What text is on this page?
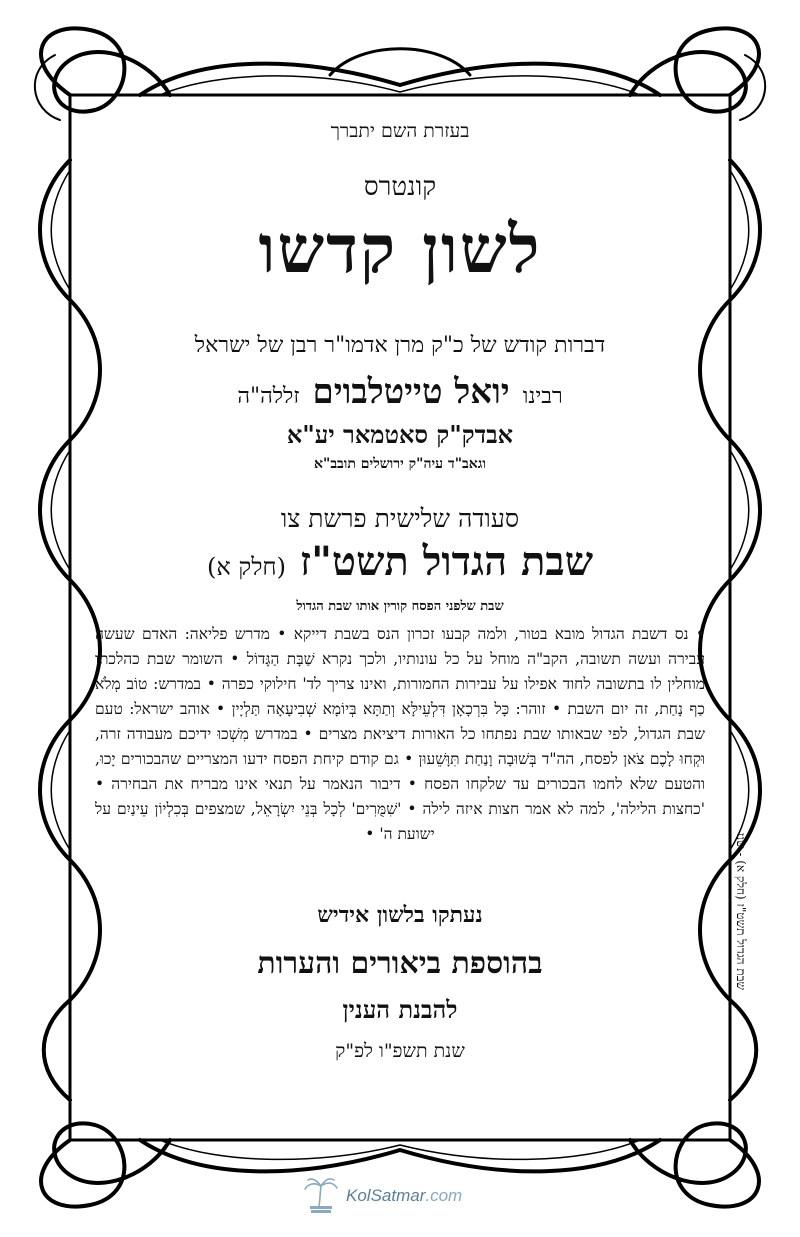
בעזרת השם יתברך
קונטרס
לשון קדשו
דברות קודש של כ"ק מרן אדמו"ר רבן של ישראל
רבינו יואל טייטלבוים זללה"ה
אבדק"ק סאטמאר יע"א
וגאב"ד עיה"ק ירושלים תובב"א
סעודה שלישית פרשת צו
שבת הגדול תשט"ז (חלק א)
שבת שלפני הפסח קורין אותו שבת הגדול
• נס דשבת הגדול מובא בטור, ולמה קבעו זכרון הנס בשבת דייקא • מדרש פליאה: האדם שעשה עבירה ועשה תשובה, הקב"ה מוחל על כל עונותיו, ולכך נקרא שַׁבָּת הַגָּדוֹל • השומר שבת כהלכתו מוחלין לו בתשובה לחוד אפילו על עבירות החמורות, ואינו צריך לד' חילוקי כפרה • במדרש: טוֹב מְלֹא כַף נָחַת, זה יום השבת • זוהר: כָּל בִּרְכָאָן דִּלְעֵילָּא וְתַתָּא בְּיוֹמָא שְׁבִיעָאָה תַּלְיָין • אוהב ישראל: טעם שבת הגדול, לפי שבאותו שבת נפתחו כל האורות דיציאת מצרים • במדרש מִשְׁכוּ ידיכם מעבודה זרה, וּקְחוּ לָכֶם צֹאן לפסח, הה"ד בְּשׁוּבָה וָנַחַת תִּוָּשֵׁעוּן • גם קודם קיחת הפסח ידעו המצריים שהבכורים יָכוּ, והטעם שלא לחמו הבכורים עד שלקחו הפסח • דיבור הנאמר על תנאי אינו מבריח את הבחירה • 'כחצות הלילה', למה לא אמר חצות איזה לילה • 'שִׁמֻּרִים' לְכָל בְּנֵי יִשְׂרָאֵל, שמצפים בְּכִלְיוֹן עֵינַיִם על ישועת ה' •
נעתקו בלשון אידיש
בהוספת ביאורים והערות
להבנת הענין
שנת תשפ"ו לפ"ק
שבת הגדול תשט"ז (חלק א) - שנז
KolSatmar .com
